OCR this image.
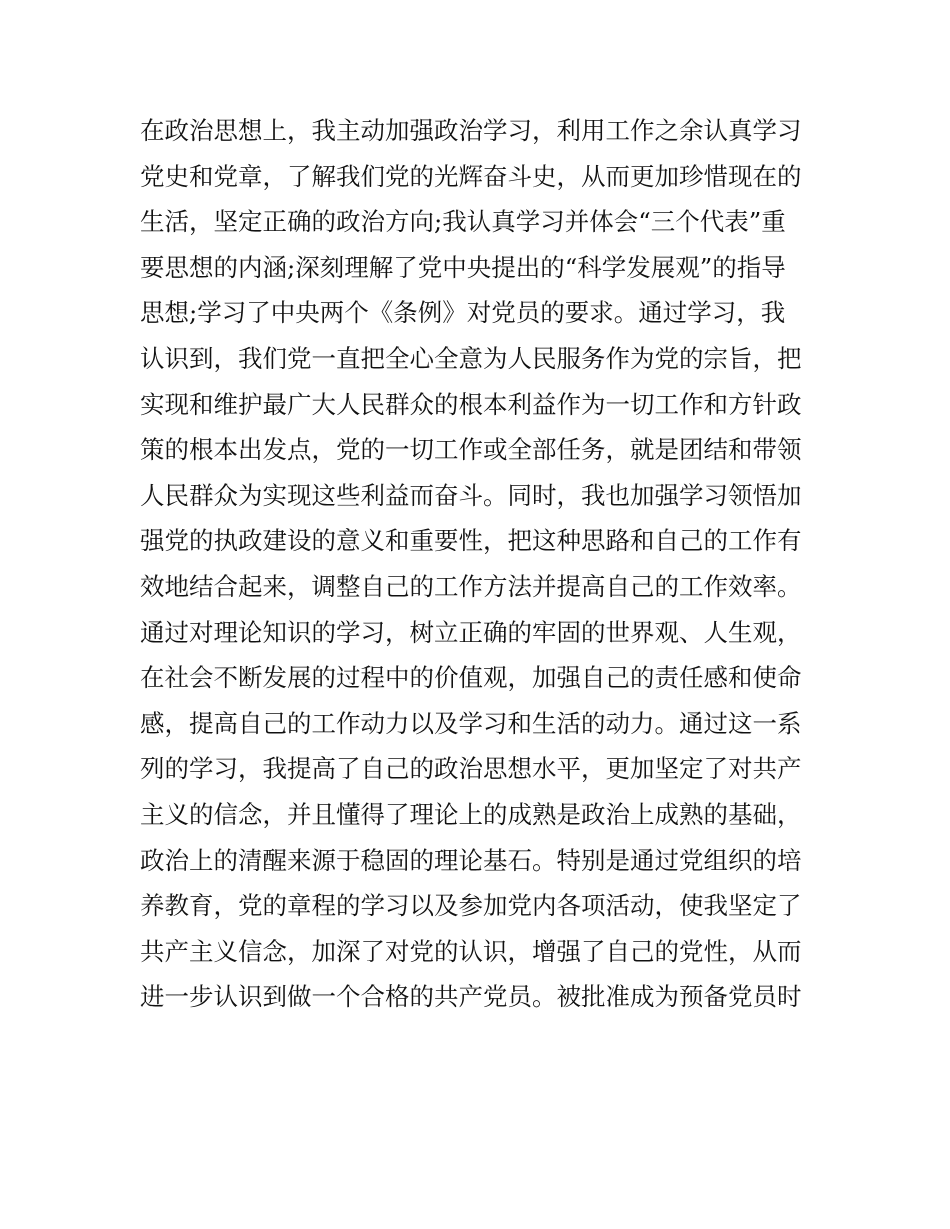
在政治思想上，我主动加强政治学习，利用工作之余认真学习
党史和党章，了解我们党的光辉奋斗史，从而更加珍惜现在的
生活，坚定正确的政治方向;我认真学习并体会“三个代表”重
要思想的内涵;深刻理解了党中央提出的“科学发展观”的指导
思想;学习了中央两个《条例》对党员的要求。通过学习，我
认识到，我们党一直把全心全意为人民服务作为党的宗旨，把
实现和维护最广大人民群众的根本利益作为一切工作和方针政
策的根本出发点，党的一切工作或全部任务，就是团结和带领
人民群众为实现这些利益而奋斗。同时，我也加强学习领悟加
强党的执政建设的意义和重要性，把这种思路和自己的工作有
效地结合起来，调整自己的工作方法并提高自己的工作效率。
通过对理论知识的学习，树立正确的牢固的世界观、人生观，
在社会不断发展的过程中的价值观，加强自己的责任感和使命
感，提高自己的工作动力以及学习和生活的动力。通过这一系
列的学习，我提高了自己的政治思想水平，更加坚定了对共产
主义的信念，并且懂得了理论上的成熟是政治上成熟的基础，
政治上的清醒来源于稳固的理论基石。特别是通过党组织的培
养教育，党的章程的学习以及参加党内各项活动，使我坚定了
共产主义信念，加深了对党的认识，增强了自己的党性，从而
进一步认识到做一个合格的共产党员。被批准成为预备党员时
